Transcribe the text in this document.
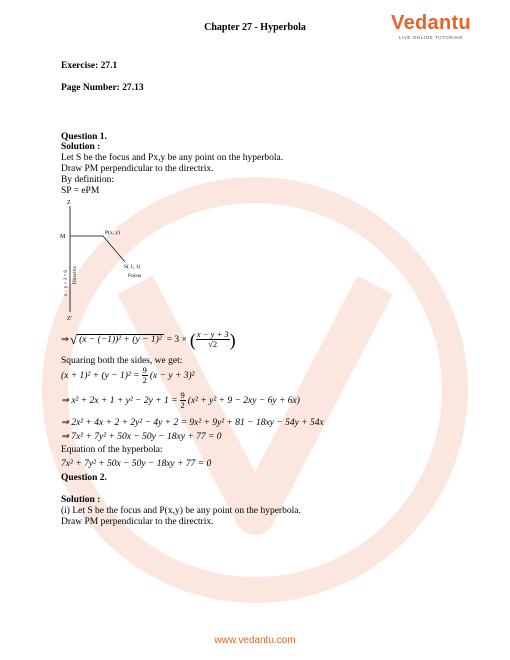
Chapter 27 - Hyperbola	Vedantu
LIVE ONLINE TUTORING
Exercise: 27.1
Page Number: 27.13
Question 1.
Solution :
Let S be the focus and Px,y be any point on the hyperbola.
Draw PM perpendicular to the directrix.
By definition:
SP = ePM
Z
Z'
M
P(x, y)
S( 1, 1)
Focus
x − y + 3 = 0 Directrix
⇒ √ (x − (−1))² + (y − 1)² = 3 × ( x − y + 3
√2 )
Squaring both the sides, we get:
$(x + 1)^2 + (y - 1)^2 = \frac{9}{2} (x - y + 3)^2$
⇒ $x^2 + 2x + 1 + y^2 - 2y + 1 = \frac{9}{2} (x^2 + y^2 + 9 - 2xy - 6y + 6x)$
⇒ 2x² + 4x + 2 + 2y² − 4y + 2 = 9x² + 9y² + 81 − 18xy − 54y + 54x
⇒ 7x² + 7y² + 50x − 50y − 18xy + 77 = 0
Equation of the hyperbola:
7x² + 7y² + 50x − 50y − 18xy + 77 = 0
Question 2.
Solution :
(i) Let S be the focus and P(x,y) be any point on the hyperbola.
Draw PM perpendicular to the directrix.
www.vedantu.com
